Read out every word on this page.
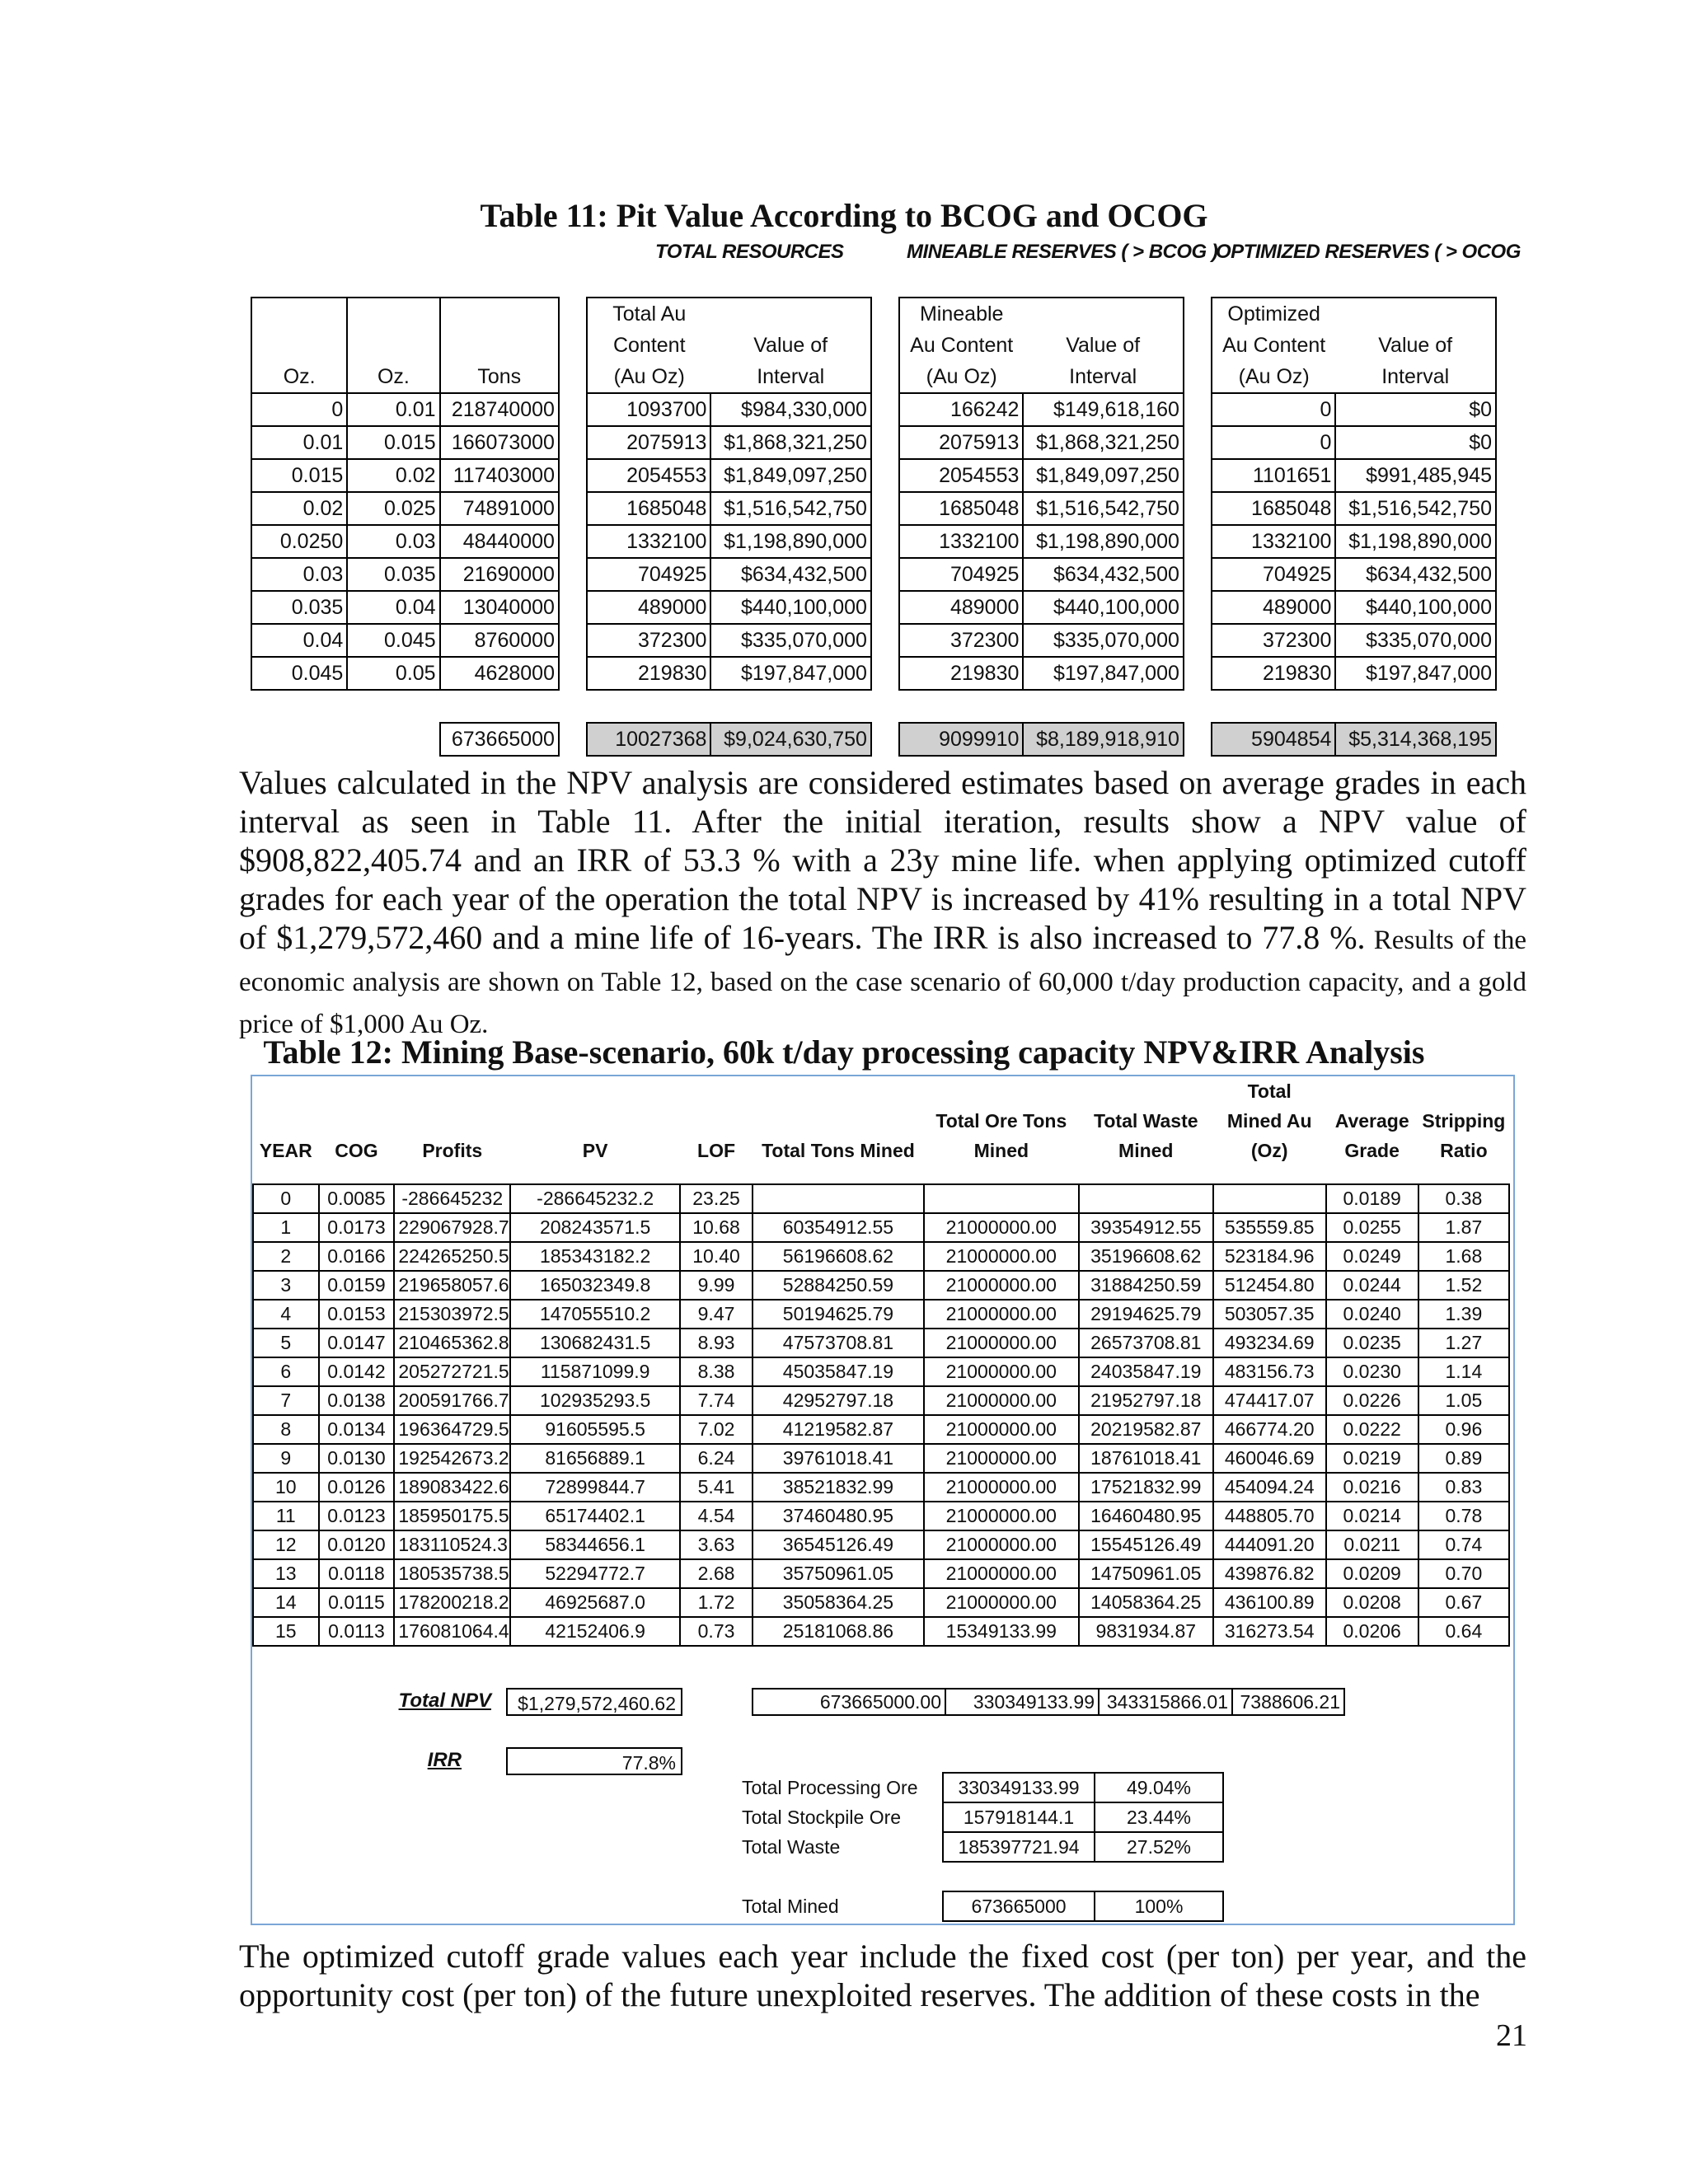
Table 11: Pit Value According to BCOG and OCOG
TOTAL RESOURCES	MINEABLE RESERVES ( > BCOG )
OPTIMIZED RESERVES ( > OCOG
				Total Au			Mineable			Optimized	
				Content	Value of		Au Content	Value of		Au Content	Value of
Oz.	Oz.	Tons		(Au Oz)	Interval		(Au Oz)	Interval		(Au Oz)	Interval
0	0.01	218740000		1093700	$984,330,000		166242	$149,618,160		0	$0
0.01	0.015	166073000		2075913	$1,868,321,250		2075913	$1,868,321,250		0	$0
0.015	0.02	117403000		2054553	$1,849,097,250		2054553	$1,849,097,250		1101651	$991,485,945
0.02	0.025	74891000		1685048	$1,516,542,750		1685048	$1,516,542,750		1685048	$1,516,542,750
0.0250	0.03	48440000		1332100	$1,198,890,000		1332100	$1,198,890,000		1332100	$1,198,890,000
0.03	0.035	21690000		704925	$634,432,500		704925	$634,432,500		704925	$634,432,500
0.035	0.04	13040000		489000	$440,100,000		489000	$440,100,000		489000	$440,100,000
0.04	0.045	8760000		372300	$335,070,000		372300	$335,070,000		372300	$335,070,000
0.045	0.05	4628000		219830	$197,847,000		219830	$197,847,000		219830	$197,847,000

		673665000		10027368	$9,024,630,750		9099910	$8,189,918,910		5904854	$5,314,368,195
Values calculated in the NPV analysis are considered estimates based on average grades in each interval as seen in Table 11. After the initial iteration, results show a NPV value of $908,822,405.74 and an IRR of 53.3 % with a 23y mine life. when applying optimized cutoff grades for each year of the operation the total NPV is increased by 41% resulting in a total NPV of $1,279,572,460 and a mine life of 16-years. The IRR is also increased to 77.8 %. Results of the economic analysis are shown on Table 12, based on the case scenario of 60,000 t/day production capacity, and a gold price of $1,000 Au Oz.
Table 12: Mining Base-scenario, 60k t/day processing capacity NPV&IRR Analysis
								Total		
						Total Ore Tons	Total Waste	Mined Au	Average	Stripping
YEAR	COG	Profits	PV	LOF	Total Tons Mined	Mined	Mined	(Oz)	Grade	Ratio

0	0.0085	-286645232	-286645232.2	23.25					0.0189	0.38
1	0.0173	229067928.7	208243571.5	10.68	60354912.55	21000000.00	39354912.55	535559.85	0.0255	1.87
2	0.0166	224265250.5	185343182.2	10.40	56196608.62	21000000.00	35196608.62	523184.96	0.0249	1.68
3	0.0159	219658057.6	165032349.8	9.99	52884250.59	21000000.00	31884250.59	512454.80	0.0244	1.52
4	0.0153	215303972.5	147055510.2	9.47	50194625.79	21000000.00	29194625.79	503057.35	0.0240	1.39
5	0.0147	210465362.8	130682431.5	8.93	47573708.81	21000000.00	26573708.81	493234.69	0.0235	1.27
6	0.0142	205272721.5	115871099.9	8.38	45035847.19	21000000.00	24035847.19	483156.73	0.0230	1.14
7	0.0138	200591766.7	102935293.5	7.74	42952797.18	21000000.00	21952797.18	474417.07	0.0226	1.05
8	0.0134	196364729.5	91605595.5	7.02	41219582.87	21000000.00	20219582.87	466774.20	0.0222	0.96
9	0.0130	192542673.2	81656889.1	6.24	39761018.41	21000000.00	18761018.41	460046.69	0.0219	0.89
10	0.0126	189083422.6	72899844.7	5.41	38521832.99	21000000.00	17521832.99	454094.24	0.0216	0.83
11	0.0123	185950175.5	65174402.1	4.54	37460480.95	21000000.00	16460480.95	448805.70	0.0214	0.78
12	0.0120	183110524.3	58344656.1	3.63	36545126.49	21000000.00	15545126.49	444091.20	0.0211	0.74
13	0.0118	180535738.5	52294772.7	2.68	35750961.05	21000000.00	14750961.05	439876.82	0.0209	0.70
14	0.0115	178200218.2	46925687.0	1.72	35058364.25	21000000.00	14058364.25	436100.89	0.0208	0.67
15	0.0113	176081064.4	42152406.9	0.73	25181068.86	15349133.99	9831934.87	316273.54	0.0206	0.64
Total NPV	$1,279,572,460.62	673665000.00	330349133.99	343315866.01	7388606.21
IRR	77.8%
Total Processing Ore	330349133.99	49.04%
Total Stockpile Ore	157918144.1	23.44%
Total Waste	185397721.94	27.52%

Total Mined	673665000	100%
The optimized cutoff grade values each year include the fixed cost (per ton) per year, and the opportunity cost (per ton) of the future unexploited reserves. The addition of these costs in the
21
